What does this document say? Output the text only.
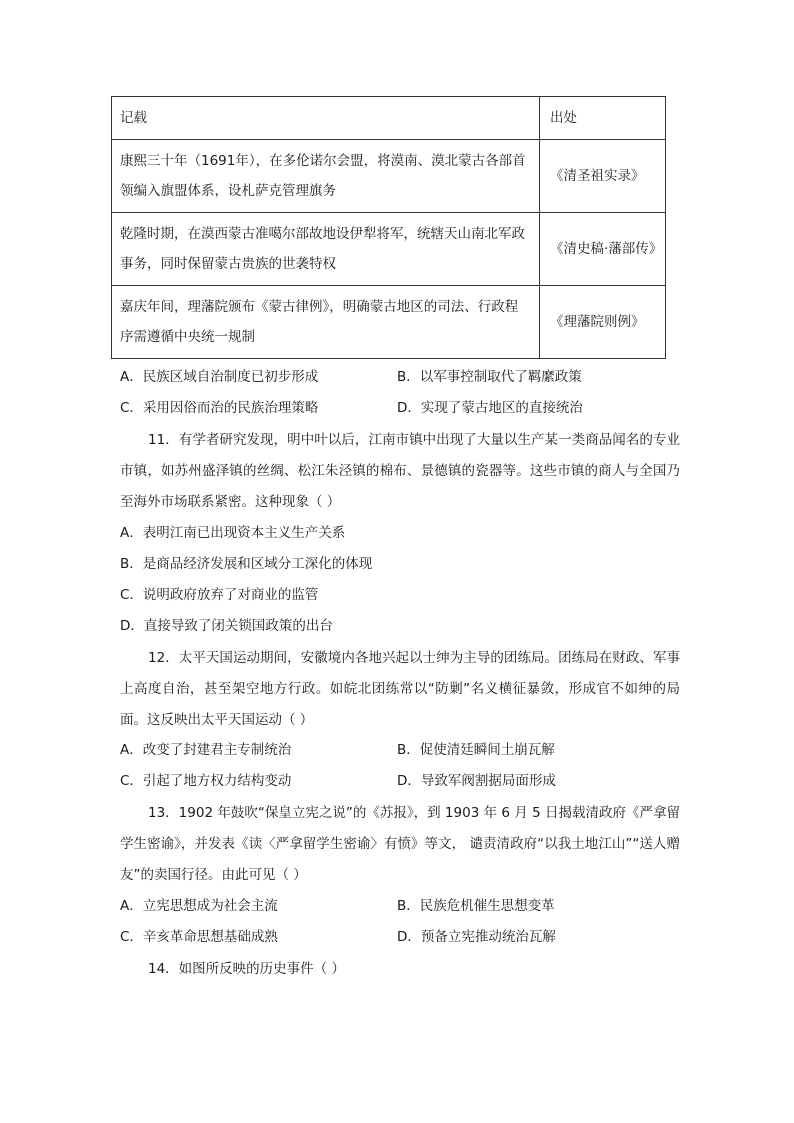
记载	出处
康熙三十年（1691年），在多伦诺尔会盟，将漠南、漠北蒙古各部首领编入旗盟体系，设札萨克管理旗务	《清圣祖实录》
乾隆时期，在漠西蒙古准噶尔部故地设伊犁将军，统辖天山南北军政事务，同时保留蒙古贵族的世袭特权	《清史稿·藩部传》
嘉庆年间，理藩院颁布《蒙古律例》，明确蒙古地区的司法、行政程序需遵循中央统一规制	《理藩院则例》
A．民族区域自治制度已初步形成	B．以军事控制取代了羁縻政策
C．采用因俗而治的民族治理策略	D．实现了蒙古地区的直接统治
11．有学者研究发现，明中叶以后，江南市镇中出现了大量以生产某一类商品闻名的专业市镇，如苏州盛泽镇的丝绸、松江朱泾镇的棉布、景德镇的瓷器等。这些市镇的商人与全国乃至海外市场联系紧密。这种现象（ ）
A．表明江南已出现资本主义生产关系
B．是商品经济发展和区域分工深化的体现
C．说明政府放弃了对商业的监管
D．直接导致了闭关锁国政策的出台
12．太平天国运动期间，安徽境内各地兴起以士绅为主导的团练局。团练局在财政、军事上高度自治，甚至架空地方行政。如皖北团练常以“防剿”名义横征暴敛，形成官不如绅的局面。这反映出太平天国运动（ ）
A．改变了封建君主专制统治	B．促使清廷瞬间土崩瓦解
C．引起了地方权力结构变动	D．导致军阀割据局面形成
13．1902 年鼓吹“保皇立宪之说”的《苏报》，到 1903 年 6 月 5 日揭载清政府《严拿留学生密谕》，并发表《读〈严拿留学生密谕〉有愤》等文， 谴责清政府“以我土地江山”“送人赠友”的卖国行径。由此可见（ ）
A．立宪思想成为社会主流	B．民族危机催生思想变革
C．辛亥革命思想基础成熟	D．预备立宪推动统治瓦解
14．如图所反映的历史事件（ ）
